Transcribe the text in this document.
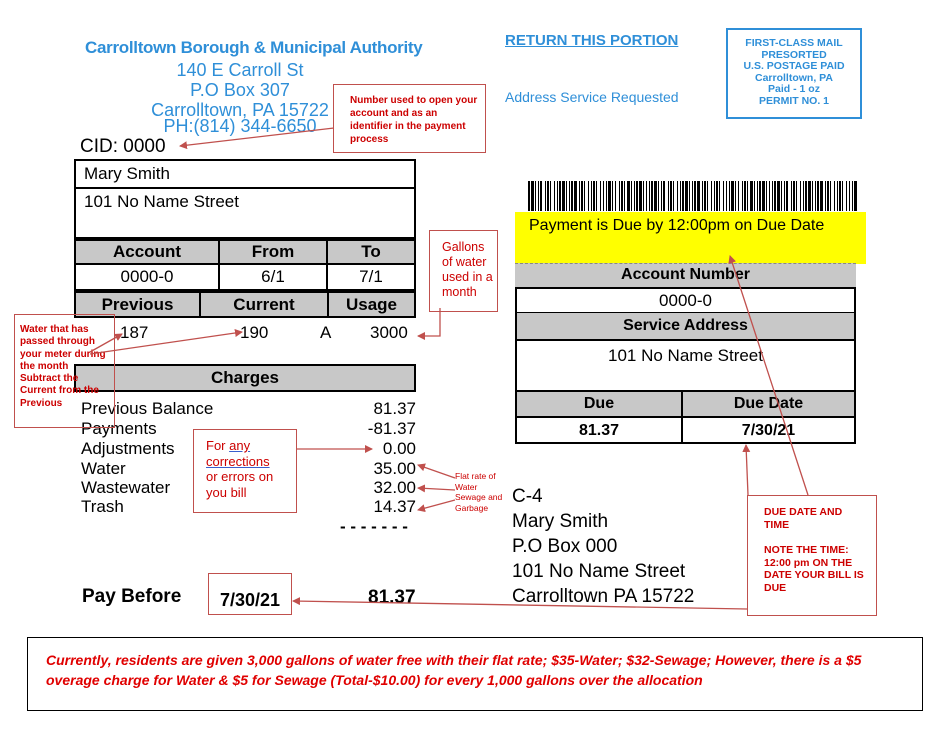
Carrolltown Borough & Municipal Authority
140 E Carroll St
P.O Box 307
Carrolltown, PA 15722
PH:(814) 344-6650
RETURN THIS PORTION
Address Service Requested
FIRST-CLASS MAIL
PRESORTED
U.S. POSTAGE PAID
Carrolltown, PA
Paid - 1 oz
PERMIT NO. 1
CID: 0000
Mary Smith
101 No Name Street
Account	From	To
0000-0	6/1	7/1
Previous	Current	Usage
187	190	A 3000
Charges
Previous Balance	81.37
Payments	-81.37
Adjustments	0.00
Water	35.00
Wastewater	32.00
Trash	14.37
- - - - - - -
Pay Before	7/30/21	81.37
Payment is Due by 12:00pm on Due Date
Account Number
0000-0
Service Address
101 No Name Street
Due	Due Date
81.37	7/30/21
C-4
Mary Smith
P.O Box 000
101 No Name Street
Carrolltown PA 15722
Number used to open your account and as an identifier in the payment process
Gallons of water used in a month
Water that has passed through your meter during the month Subtract the Current from the Previous
For any
corrections
or errors on you bill
Flat rate of Water Sewage and Garbage	DUE DATE AND TIME
NOTE THE TIME: 12:00 pm ON THE DATE YOUR BILL IS DUE
Currently, residents are given 3,000 gallons of water free with their flat rate; $35-Water; $32-Sewage; However, there is a $5 overage charge for Water & $5 for Sewage (Total-$10.00) for every 1,000 gallons over the allocation
